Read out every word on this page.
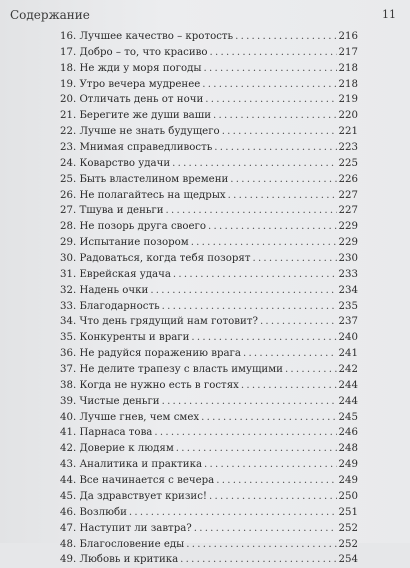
Содержание	11
16. Лучшее качество – кротость . . .	216
17. Добро – то, что красиво . . .	217
18. Не жди у моря погоды . . .	218
19. Утро вечера мудренее . . .	218
20. Отличать день от ночи . . .	219
21. Берегите же души ваши . . .	220
22. Лучше не знать будущего . . .	221
23. Мнимая справедливость . . .	223
24. Коварство удачи . . .	225
25. Быть властелином времени . . .	226
26. Не полагайтесь на щедрых . . .	227
27. Тшува и деньги . . .	227
28. Не позорь друга своего . . .	229
29. Испытание позором . . .	229
30. Радоваться, когда тебя позорят . . .	230
31. Еврейская удача . . .	233
32. Надень очки . . .	234
33. Благодарность . . .	235
34. Что день грядущий нам готовит? . . .	237
35. Конкуренты и враги . . .	240
36. Не радуйся поражению врага . . .	241
37. Не делите трапезу с власть имущими . . .	242
38. Когда не нужно есть в гостях . . .	244
39. Чистые деньги . . .	244
40. Лучше гнев, чем смех . . .	245
41. Парнаса това . . .	246
42. Доверие к людям . . .	248
43. Аналитика и практика . . .	249
44. Все начинается с вечера . . .	249
45. Да здравствует кризис! . . .	250
46. Возлюби . . .	251
47. Наступит ли завтра? . . .	252
48. Благословение еды . . .	252
49. Любовь и критика . . .	254
